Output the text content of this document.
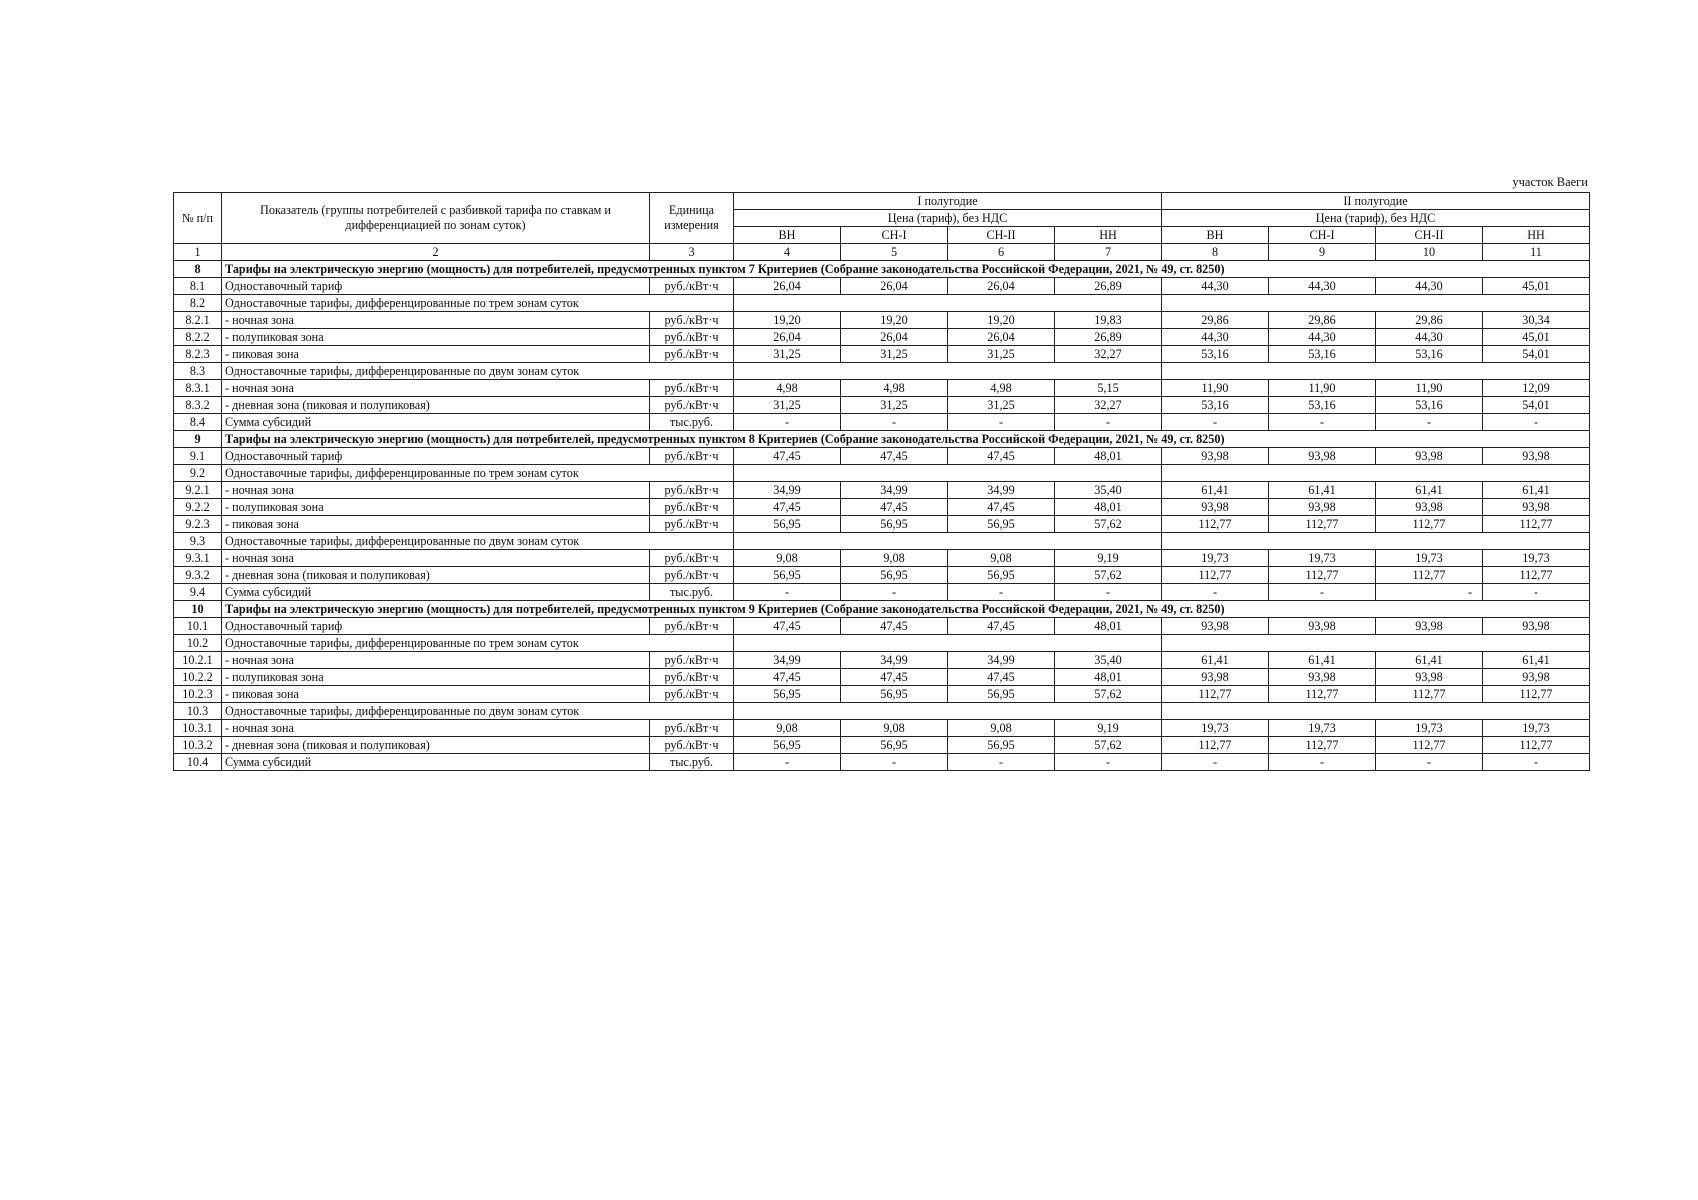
участок Ваеги
№ п/п	Показатель (группы потребителей с разбивкой тарифа по ставкам и дифференциацией по зонам суток)	Единица измерения	I полугодие				II полугодие			
			Цена (тариф), без НДС				Цена (тариф), без НДС			
			ВН	СН-I	СН-II	НН	ВН	СН-I	СН-II	НН
1	2	3	4	5	6	7	8	9	10	11
8	Тарифы на электрическую энергию (мощность) для потребителей, предусмотренных пунктом 7 Критериев (Собрание законодательства Российской Федерации, 2021, № 49, ст. 8250)									
8.1	Одноставочный тариф	руб./кВт·ч	26,04	26,04	26,04	26,89	44,30	44,30	44,30	45,01
8.2	Одноставочные тарифы, дифференцированные по трем зонам суток									
8.2.1	- ночная зона	руб./кВт·ч	19,20	19,20	19,20	19,83	29,86	29,86	29,86	30,34
8.2.2	- полупиковая зона	руб./кВт·ч	26,04	26,04	26,04	26,89	44,30	44,30	44,30	45,01
8.2.3	- пиковая зона	руб./кВт·ч	31,25	31,25	31,25	32,27	53,16	53,16	53,16	54,01
8.3	Одноставочные тарифы, дифференцированные по двум зонам суток									
8.3.1	- ночная зона	руб./кВт·ч	4,98	4,98	4,98	5,15	11,90	11,90	11,90	12,09
8.3.2	- дневная зона (пиковая и полупиковая)	руб./кВт·ч	31,25	31,25	31,25	32,27	53,16	53,16	53,16	54,01
8.4	Сумма субсидий	тыс.руб.	-	-	-	-	-	-	-	-
9	Тарифы на электрическую энергию (мощность) для потребителей, предусмотренных пунктом 8 Критериев (Собрание законодательства Российской Федерации, 2021, № 49, ст. 8250)									
9.1	Одноставочный тариф	руб./кВт·ч	47,45	47,45	47,45	48,01	93,98	93,98	93,98	93,98
9.2	Одноставочные тарифы, дифференцированные по трем зонам суток									
9.2.1	- ночная зона	руб./кВт·ч	34,99	34,99	34,99	35,40	61,41	61,41	61,41	61,41
9.2.2	- полупиковая зона	руб./кВт·ч	47,45	47,45	47,45	48,01	93,98	93,98	93,98	93,98
9.2.3	- пиковая зона	руб./кВт·ч	56,95	56,95	56,95	57,62	112,77	112,77	112,77	112,77
9.3	Одноставочные тарифы, дифференцированные по двум зонам суток									
9.3.1	- ночная зона	руб./кВт·ч	9,08	9,08	9,08	9,19	19,73	19,73	19,73	19,73
9.3.2	- дневная зона (пиковая и полупиковая)	руб./кВт·ч	56,95	56,95	56,95	57,62	112,77	112,77	112,77	112,77
9.4	Сумма субсидий	тыс.руб.	-	-	-	-	-	-	-	-
10	Тарифы на электрическую энергию (мощность) для потребителей, предусмотренных пунктом 9 Критериев (Собрание законодательства Российской Федерации, 2021, № 49, ст. 8250)									
10.1	Одноставочный тариф	руб./кВт·ч	47,45	47,45	47,45	48,01	93,98	93,98	93,98	93,98
10.2	Одноставочные тарифы, дифференцированные по трем зонам суток									
10.2.1	- ночная зона	руб./кВт·ч	34,99	34,99	34,99	35,40	61,41	61,41	61,41	61,41
10.2.2	- полупиковая зона	руб./кВт·ч	47,45	47,45	47,45	48,01	93,98	93,98	93,98	93,98
10.2.3	- пиковая зона	руб./кВт·ч	56,95	56,95	56,95	57,62	112,77	112,77	112,77	112,77
10.3	Одноставочные тарифы, дифференцированные по двум зонам суток									
10.3.1	- ночная зона	руб./кВт·ч	9,08	9,08	9,08	9,19	19,73	19,73	19,73	19,73
10.3.2	- дневная зона (пиковая и полупиковая)	руб./кВт·ч	56,95	56,95	56,95	57,62	112,77	112,77	112,77	112,77
10.4	Сумма субсидий	тыс.руб.	-	-	-	-	-	-	-	-
